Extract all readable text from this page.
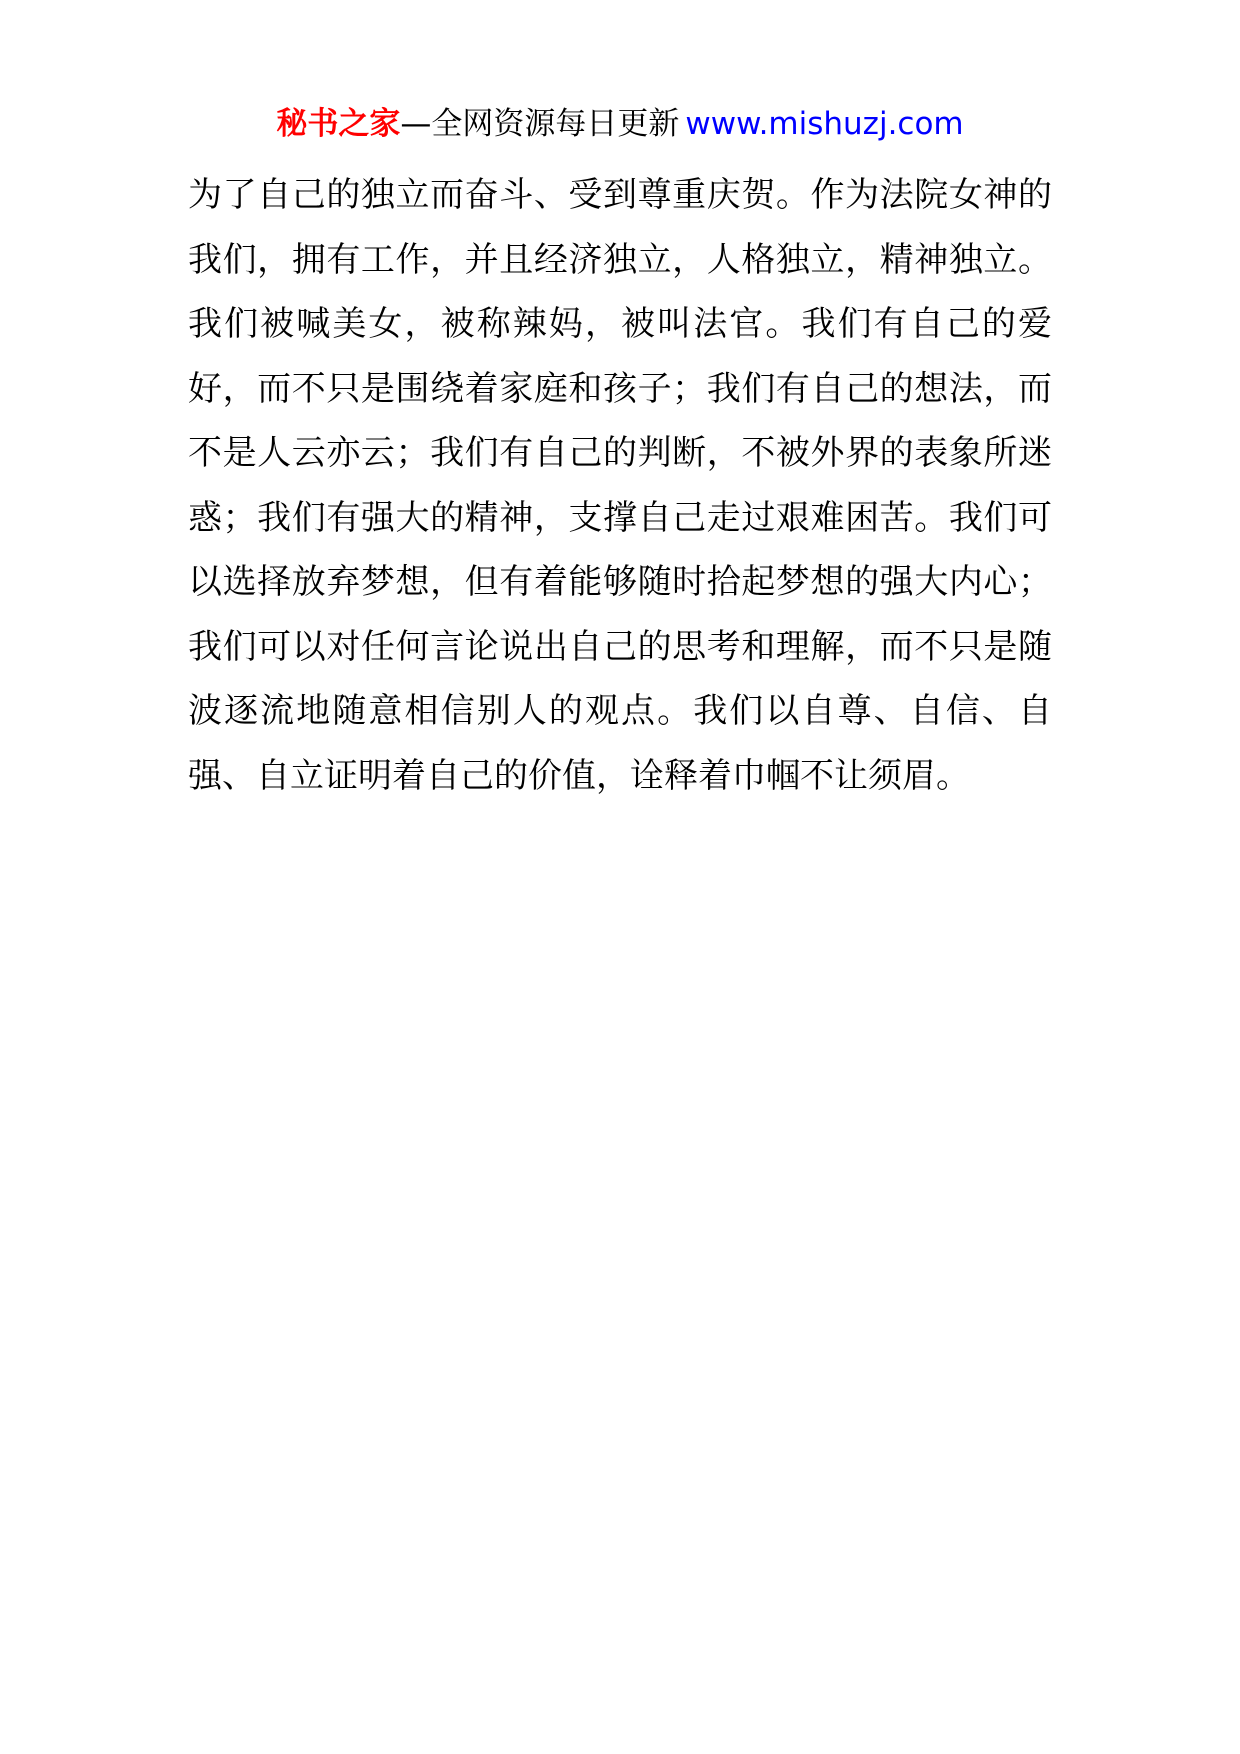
秘书之家—全网资源每日更新 www.mishuzj.com
为了自己的独立而奋斗、受到尊重庆贺。作为法院女神的
我们，拥有工作，并且经济独立，人格独立，精神独立。
我们被喊美女，被称辣妈，被叫法官。我们有自己的爱
好，而不只是围绕着家庭和孩子；我们有自己的想法，而
不是人云亦云；我们有自己的判断，不被外界的表象所迷
惑；我们有强大的精神，支撑自己走过艰难困苦。我们可
以选择放弃梦想，但有着能够随时拾起梦想的强大内心；
我们可以对任何言论说出自己的思考和理解，而不只是随
波逐流地随意相信别人的观点。我们以自尊、自信、自
强、自立证明着自己的价值，诠释着巾帼不让须眉。
